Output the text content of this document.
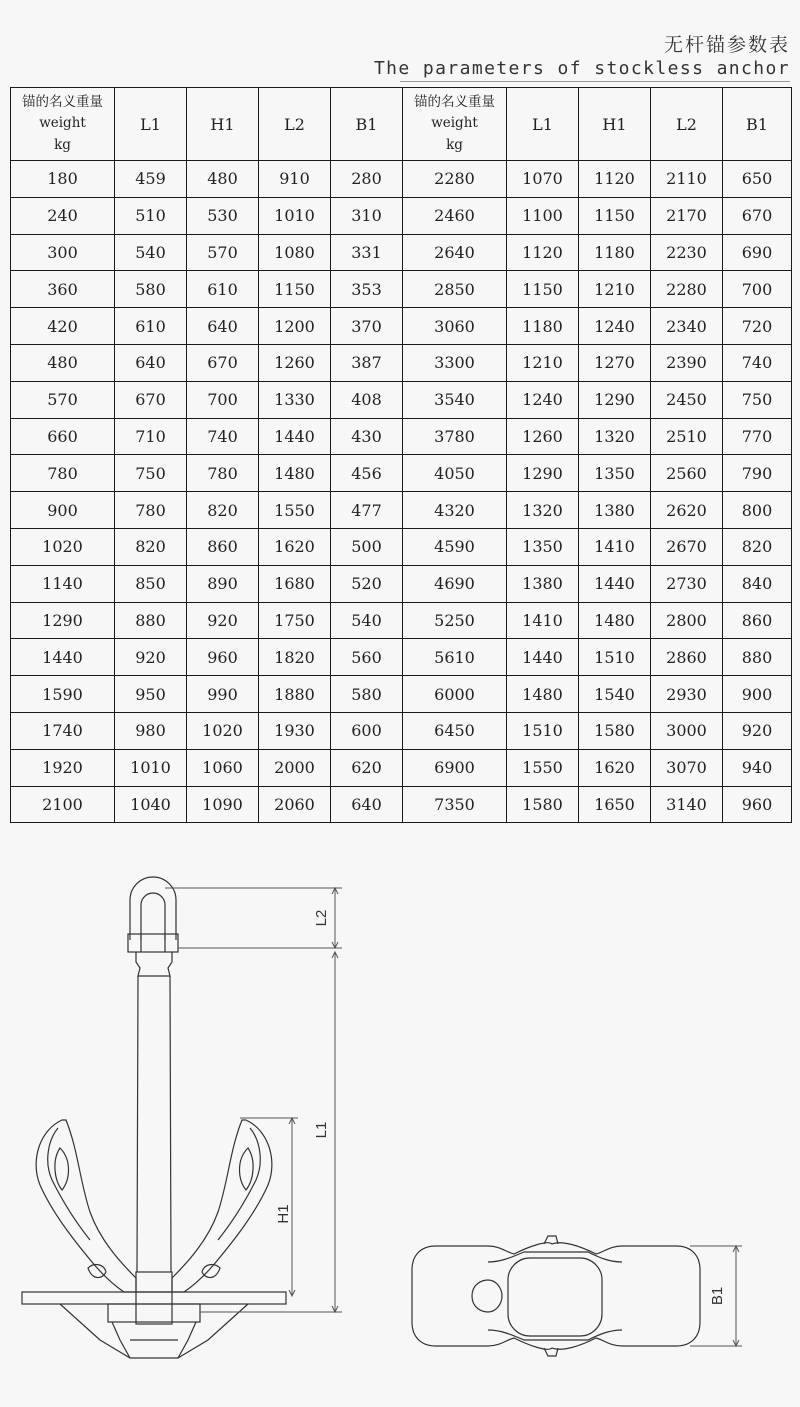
无杆锚参数表
The parameters of stockless anchor
锚的名义重量
weight
kg	L1	H1	L2	B1	锚的名义重量
weight
kg	L1	H1	L2	B1
180	459	480	910	280	2280	1070	1120	2110	650
240	510	530	1010	310	2460	1100	1150	2170	670
300	540	570	1080	331	2640	1120	1180	2230	690
360	580	610	1150	353	2850	1150	1210	2280	700
420	610	640	1200	370	3060	1180	1240	2340	720
480	640	670	1260	387	3300	1210	1270	2390	740
570	670	700	1330	408	3540	1240	1290	2450	750
660	710	740	1440	430	3780	1260	1320	2510	770
780	750	780	1480	456	4050	1290	1350	2560	790
900	780	820	1550	477	4320	1320	1380	2620	800
1020	820	860	1620	500	4590	1350	1410	2670	820
1140	850	890	1680	520	4690	1380	1440	2730	840
1290	880	920	1750	540	5250	1410	1480	2800	860
1440	920	960	1820	560	5610	1440	1510	2860	880
1590	950	990	1880	580	6000	1480	1540	2930	900
1740	980	1020	1930	600	6450	1510	1580	3000	920
1920	1010	1060	2000	620	6900	1550	1620	3070	940
2100	1040	1090	2060	640	7350	1580	1650	3140	960
L2
L1
H1
B1
